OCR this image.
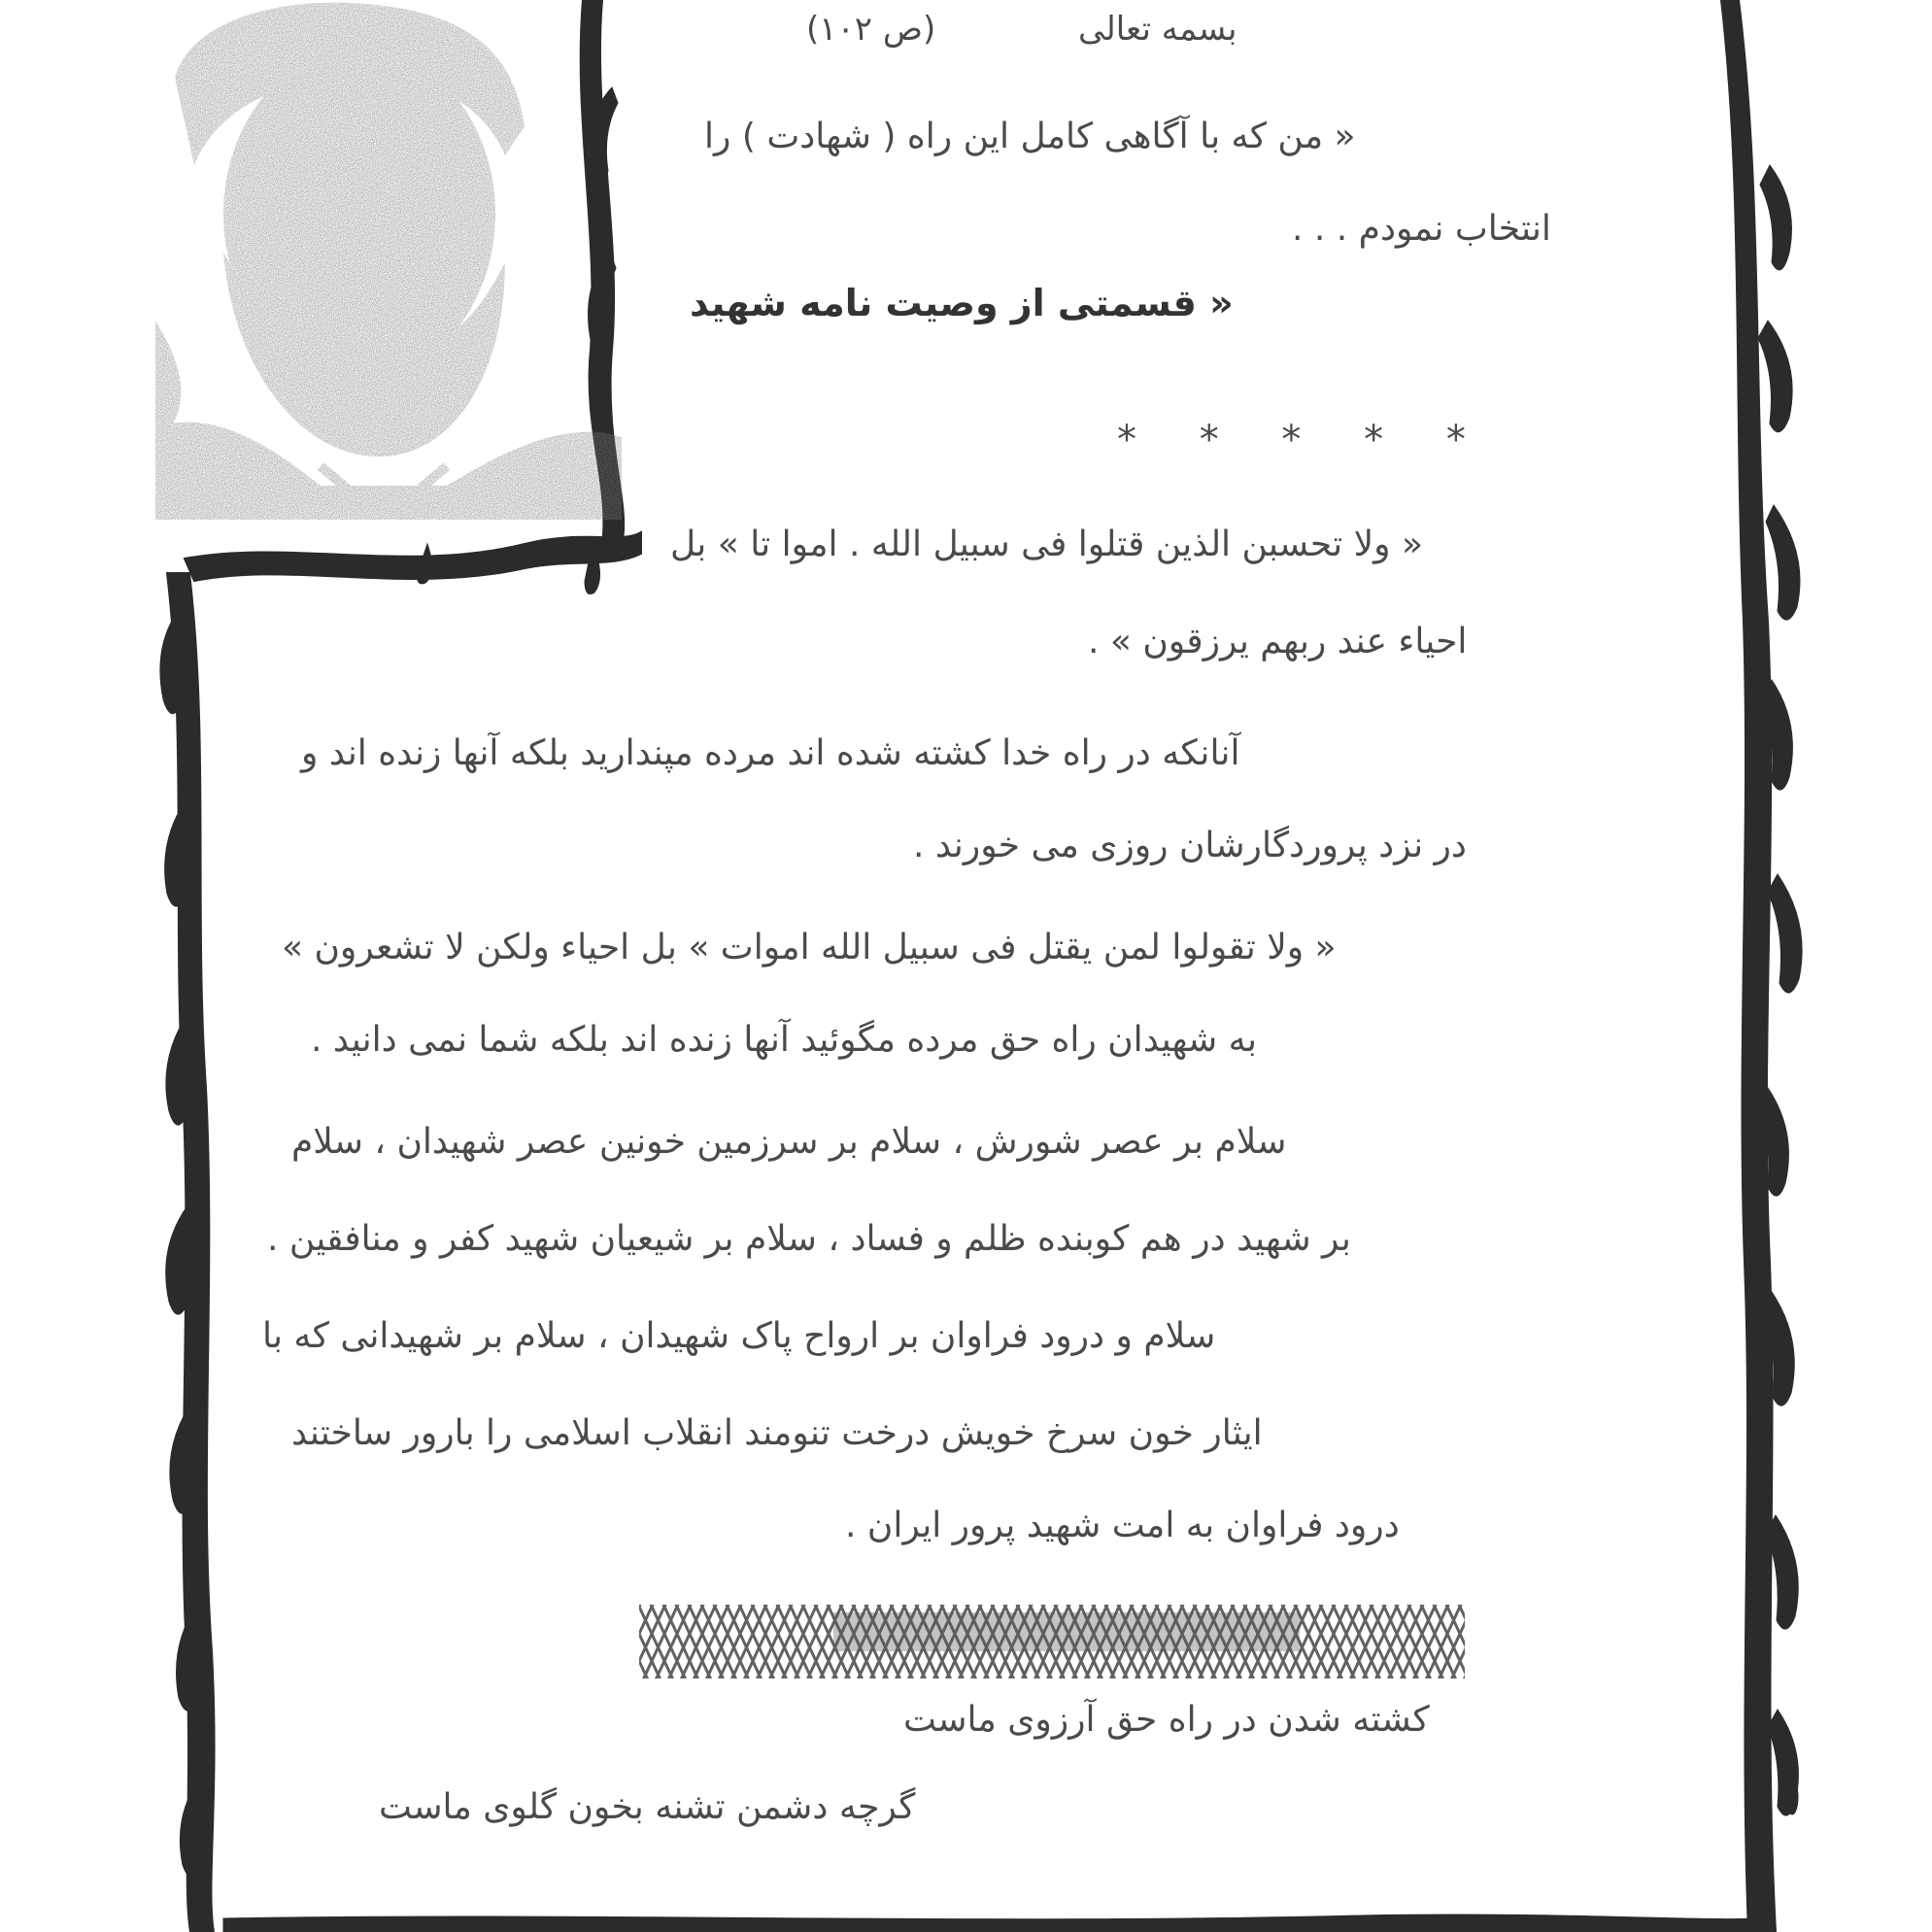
بسمه تعالی
(ص ۱۰۲)
« من که با آگاهی کامل این راه ( شهادت ) را
انتخاب نمودم . . .
« قسمتی از وصیت نامه شهید
* * * * *
« ولا تحسبن الذین قتلوا فی سبیل الله . اموا تا » بل
احیاء عند ربهم یرزقون » .
آنانکه در راه خدا کشته شده اند مرده مپندارید بلکه آنها زنده اند و
در نزد پروردگارشان روزی می خورند .
« ولا تقولوا لمن یقتل فی سبیل الله اموات » بل احیاء ولکن لا تشعرون »
به شهیدان راه حق مرده مگوئید آنها زنده اند بلکه شما نمی دانید .
سلام بر عصر شورش ، سلام بر سرزمین خونین عصر شهیدان ، سلام
بر شهید در هم کوبنده ظلم و فساد ، سلام بر شیعیان شهید کفر و منافقین .
سلام و درود فراوان بر ارواح پاک شهیدان ، سلام بر شهیدانی که با
ایثار خون سرخ خویش درخت تنومند انقلاب اسلامی را بارور ساختند
درود فراوان به امت شهید پرور ایران .
کشته شدن در راه حق آرزوی ماست
گرچه دشمن تشنه بخون گلوی ماست
